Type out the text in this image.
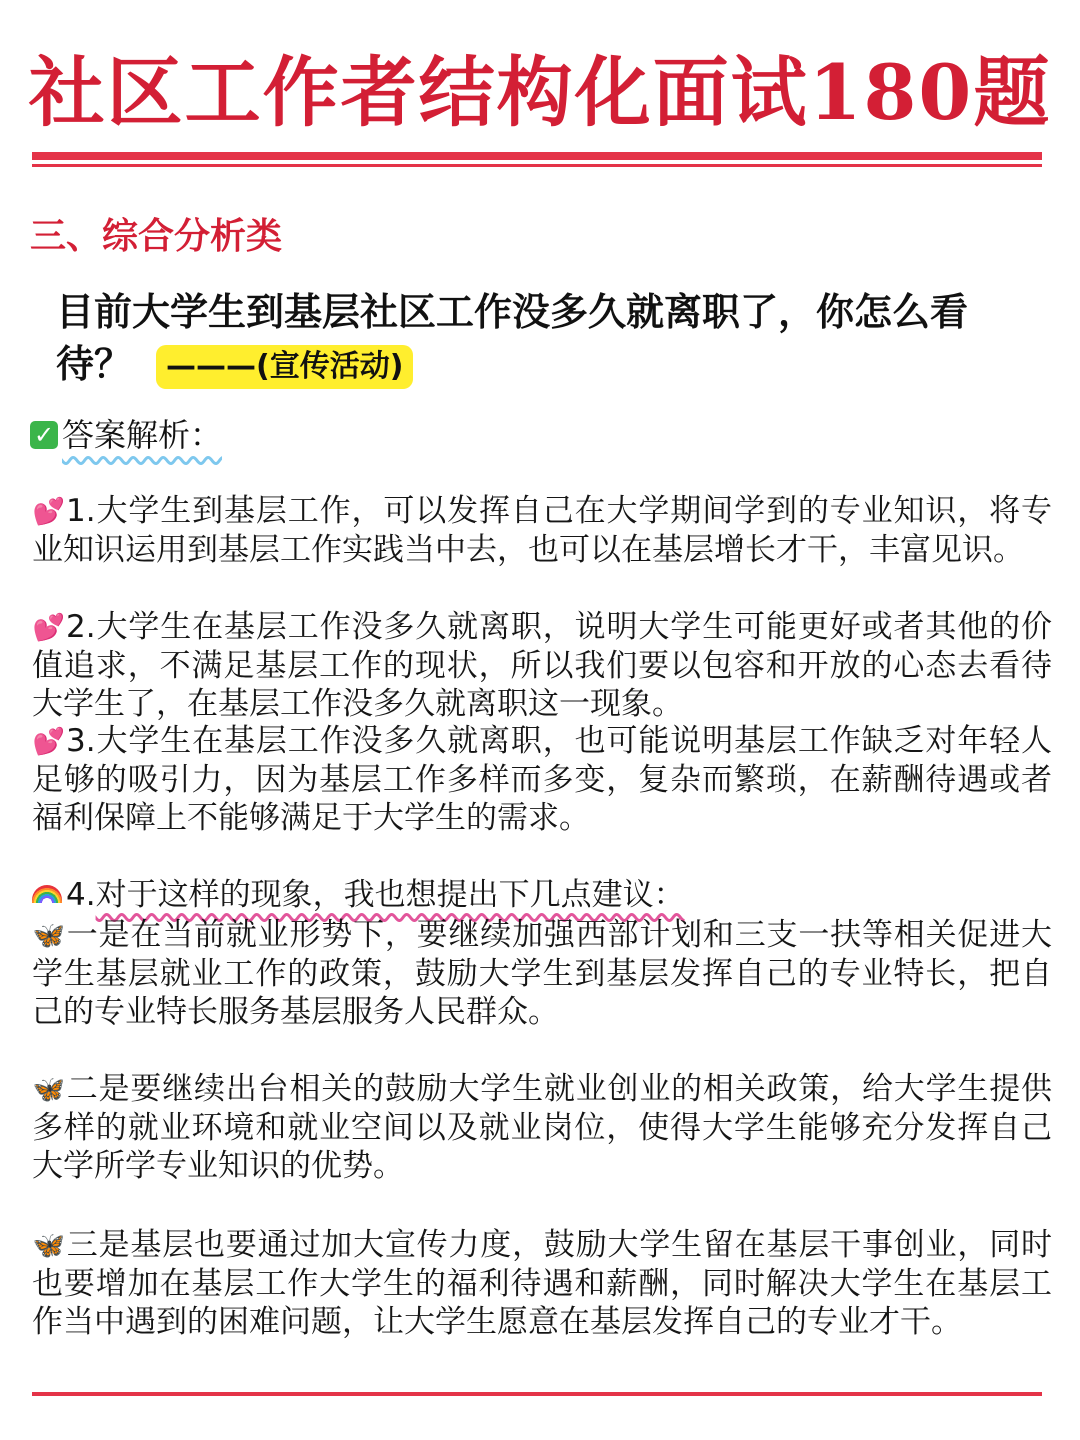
社区工作者结构化面试180题
三、综合分析类
目前大学生到基层社区工作没多久就离职了，你怎么看待？ ———(宣传活动)
✓ 答案解析：
💕1.大学生到基层工作，可以发挥自己在大学期间学到的专业知识，将专业知识运用到基层工作实践当中去，也可以在基层增长才干，丰富见识。
💕2.大学生在基层工作没多久就离职，说明大学生可能更好或者其他的价值追求，不满足基层工作的现状，所以我们要以包容和开放的心态去看待大学生了，在基层工作没多久就离职这一现象。
💕3.大学生在基层工作没多久就离职，也可能说明基层工作缺乏对年轻人足够的吸引力，因为基层工作多样而多变，复杂而繁琐，在薪酬待遇或者福利保障上不能够满足于大学生的需求。
4.对于这样的现象，我也想提出下几点建议：
🦋一是在当前就业形势下，要继续加强西部计划和三支一扶等相关促进大学生基层就业工作的政策，鼓励大学生到基层发挥自己的专业特长，把自己的专业特长服务基层服务人民群众。
🦋二是要继续出台相关的鼓励大学生就业创业的相关政策，给大学生提供多样的就业环境和就业空间以及就业岗位，使得大学生能够充分发挥自己大学所学专业知识的优势。
🦋三是基层也要通过加大宣传力度，鼓励大学生留在基层干事创业，同时也要增加在基层工作大学生的福利待遇和薪酬，同时解决大学生在基层工作当中遇到的困难问题，让大学生愿意在基层发挥自己的专业才干。
